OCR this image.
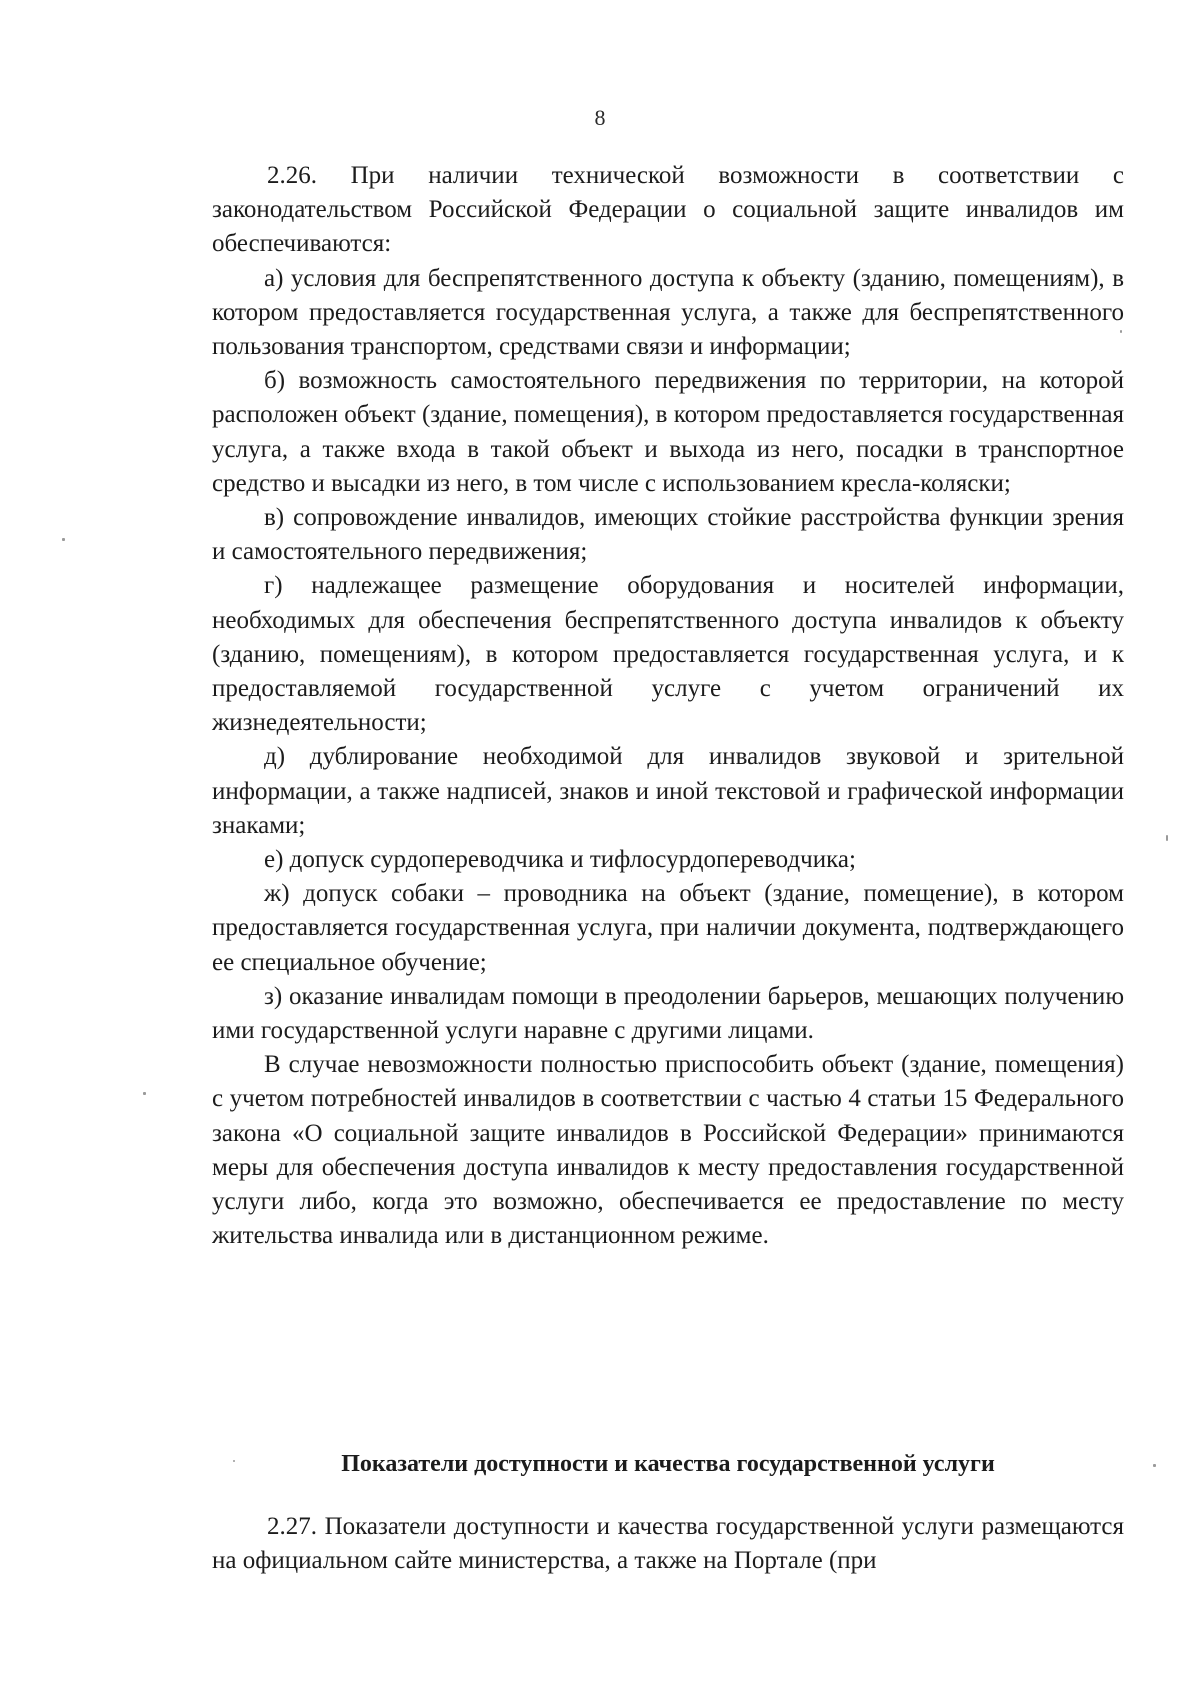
8

2.26. При наличии технической возможности в соответствии с законодательством Российской Федерации о социальной защите инвалидов им обеспечиваются:

а) условия для беспрепятственного доступа к объекту (зданию, помещениям), в котором предоставляется государственная услуга, а также для беспрепятственного пользования транспортом, средствами связи и информации;

б) возможность самостоятельного передвижения по территории, на которой расположен объект (здание, помещения), в котором предоставляется государственная услуга, а также входа в такой объект и выхода из него, посадки в транспортное средство и высадки из него, в том числе с использованием кресла-коляски;

в) сопровождение инвалидов, имеющих стойкие расстройства функции зрения и самостоятельного передвижения;

г) надлежащее размещение оборудования и носителей информации, необходимых для обеспечения беспрепятственного доступа инвалидов к объекту (зданию, помещениям), в котором предоставляется государственная услуга, и к предоставляемой государственной услуге с учетом ограничений их жизнедеятельности;

д) дублирование необходимой для инвалидов звуковой и зрительной информации, а также надписей, знаков и иной текстовой и графической информации знаками;

е) допуск сурдопереводчика и тифлосурдопереводчика;

ж) допуск собаки – проводника на объект (здание, помещение), в котором предоставляется государственная услуга, при наличии документа, подтверждающего ее специальное обучение;

з) оказание инвалидам помощи в преодолении барьеров, мешающих получению ими государственной услуги наравне с другими лицами.

В случае невозможности полностью приспособить объект (здание, помещения) с учетом потребностей инвалидов в соответствии с частью 4 статьи 15 Федерального закона «О социальной защите инвалидов в Российской Федерации» принимаются меры для обеспечения доступа инвалидов к месту предоставления государственной услуги либо, когда это возможно, обеспечивается ее предоставление по месту жительства инвалида или в дистанционном режиме.

Показатели доступности и качества государственной услуги

2.27. Показатели доступности и качества государственной услуги размещаются на официальном сайте министерства, а также на Портале (при
